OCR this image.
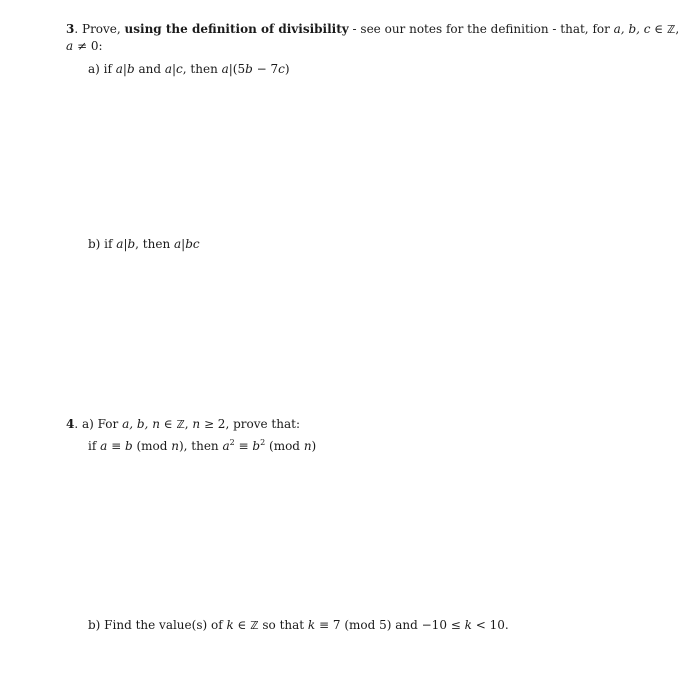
3. Prove, using the definition of divisibility - see our notes for the definition - that, for a, b, c ∈ ℤ,
a ≠ 0:
a) if a|b and a|c, then a|(5b − 7c)
b) if a|b, then a|bc
4. a) For a, b, n ∈ ℤ, n ≥ 2, prove that:
if a ≡ b (mod n), then $a^2 \equiv b^2$ (mod n)
b) Find the value(s) of k ∈ ℤ so that k ≡ 7 (mod 5) and −10 ≤ k < 10.
